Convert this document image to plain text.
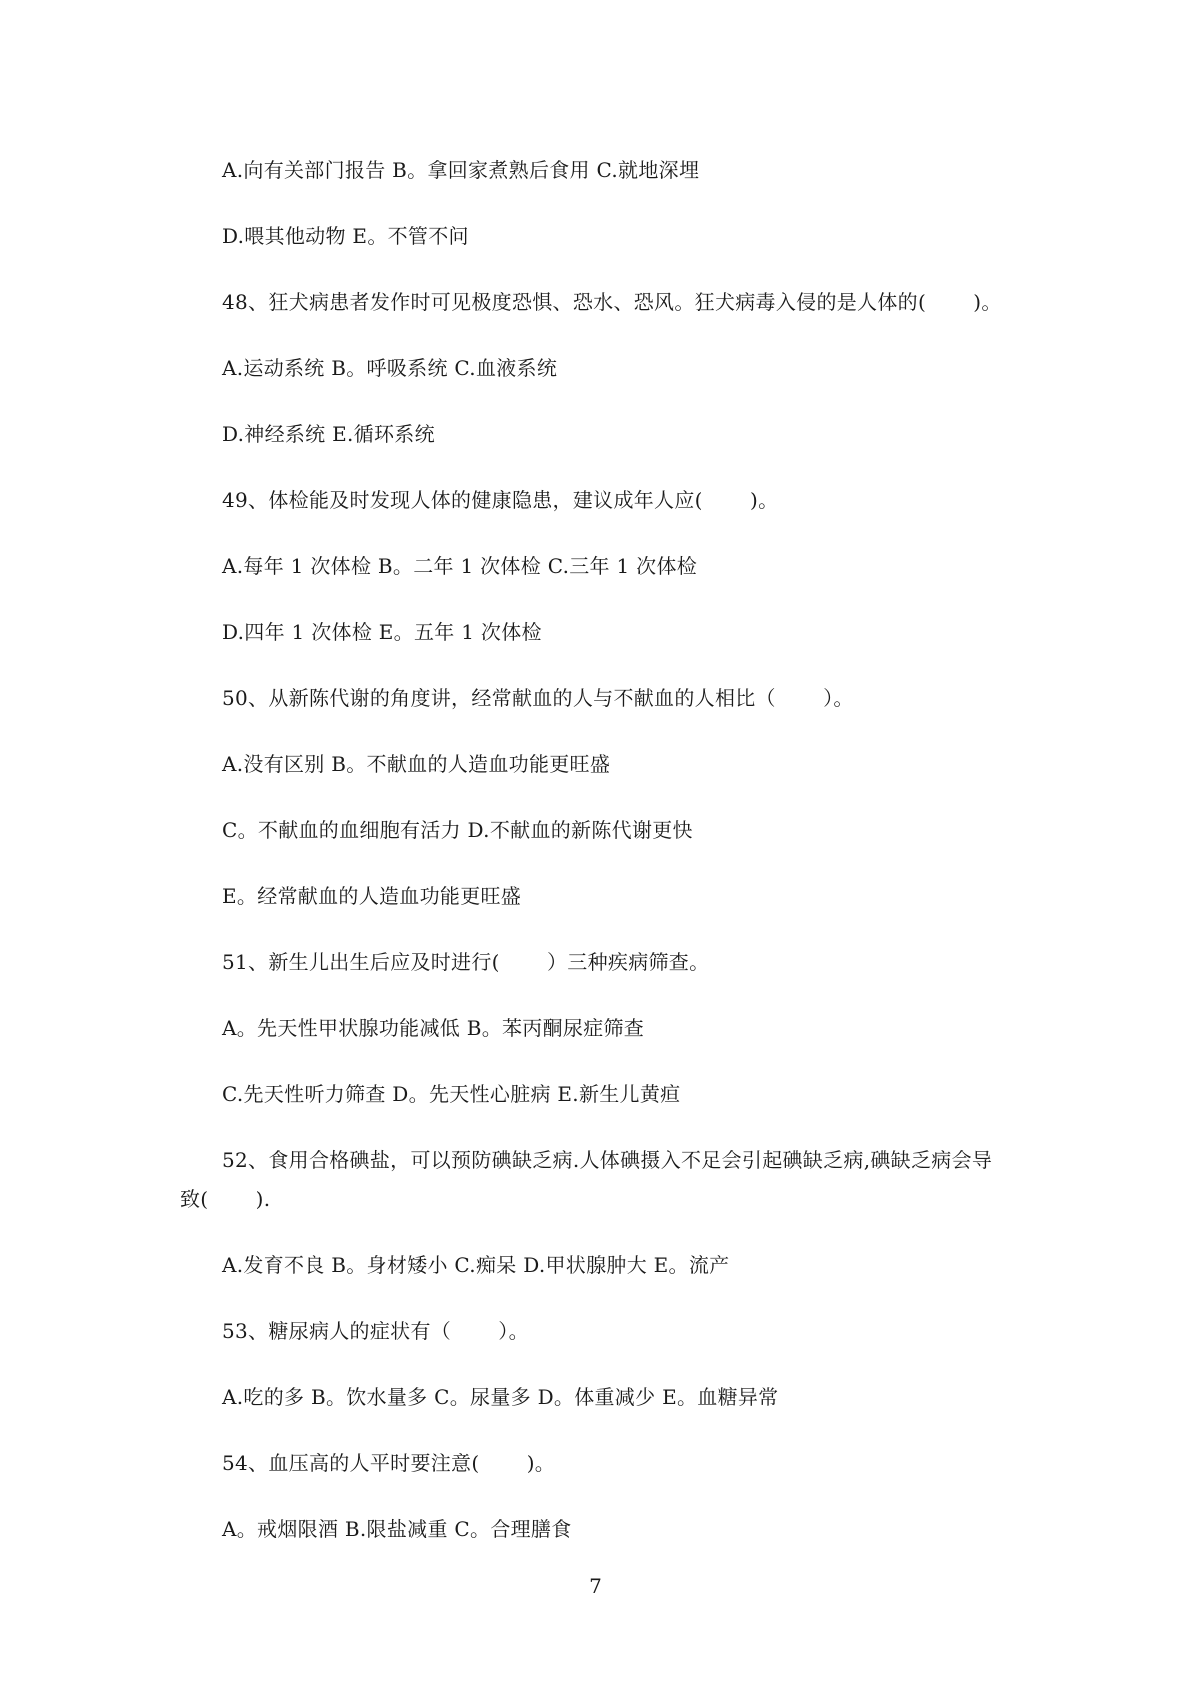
A.向有关部门报告 B。拿回家煮熟后食用 C.就地深埋
D.喂其他动物 E。不管不问
48、狂犬病患者发作时可见极度恐惧、恐水、恐风。狂犬病毒入侵的是人体的(　　 )。
A.运动系统 B。呼吸系统 C.血液系统
D.神经系统 E.循环系统
49、体检能及时发现人体的健康隐患，建议成年人应(　　 )。
A.每年 1 次体检 B。二年 1 次体检 C.三年 1 次体检
D.四年 1 次体检 E。五年 1 次体检
50、从新陈代谢的角度讲，经常献血的人与不献血的人相比（　　 ）。
A.没有区别 B。不献血的人造血功能更旺盛
C。不献血的血细胞有活力 D.不献血的新陈代谢更快
E。经常献血的人造血功能更旺盛
51、新生儿出生后应及时进行(　　 ）三种疾病筛查。
A。先天性甲状腺功能减低 B。苯丙酮尿症筛查
C.先天性听力筛查 D。先天性心脏病 E.新生儿黄疸
52、食用合格碘盐，可以预防碘缺乏病.人体碘摄入不足会引起碘缺乏病,碘缺乏病会导
致(　　 ).
A.发育不良 B。身材矮小 C.痴呆 D.甲状腺肿大 E。流产
53、糖尿病人的症状有（　　 ）。
A.吃的多 B。饮水量多 C。尿量多 D。体重减少 E。血糖异常
54、血压高的人平时要注意(　　 )。
A。戒烟限酒 B.限盐减重 C。合理膳食
7
